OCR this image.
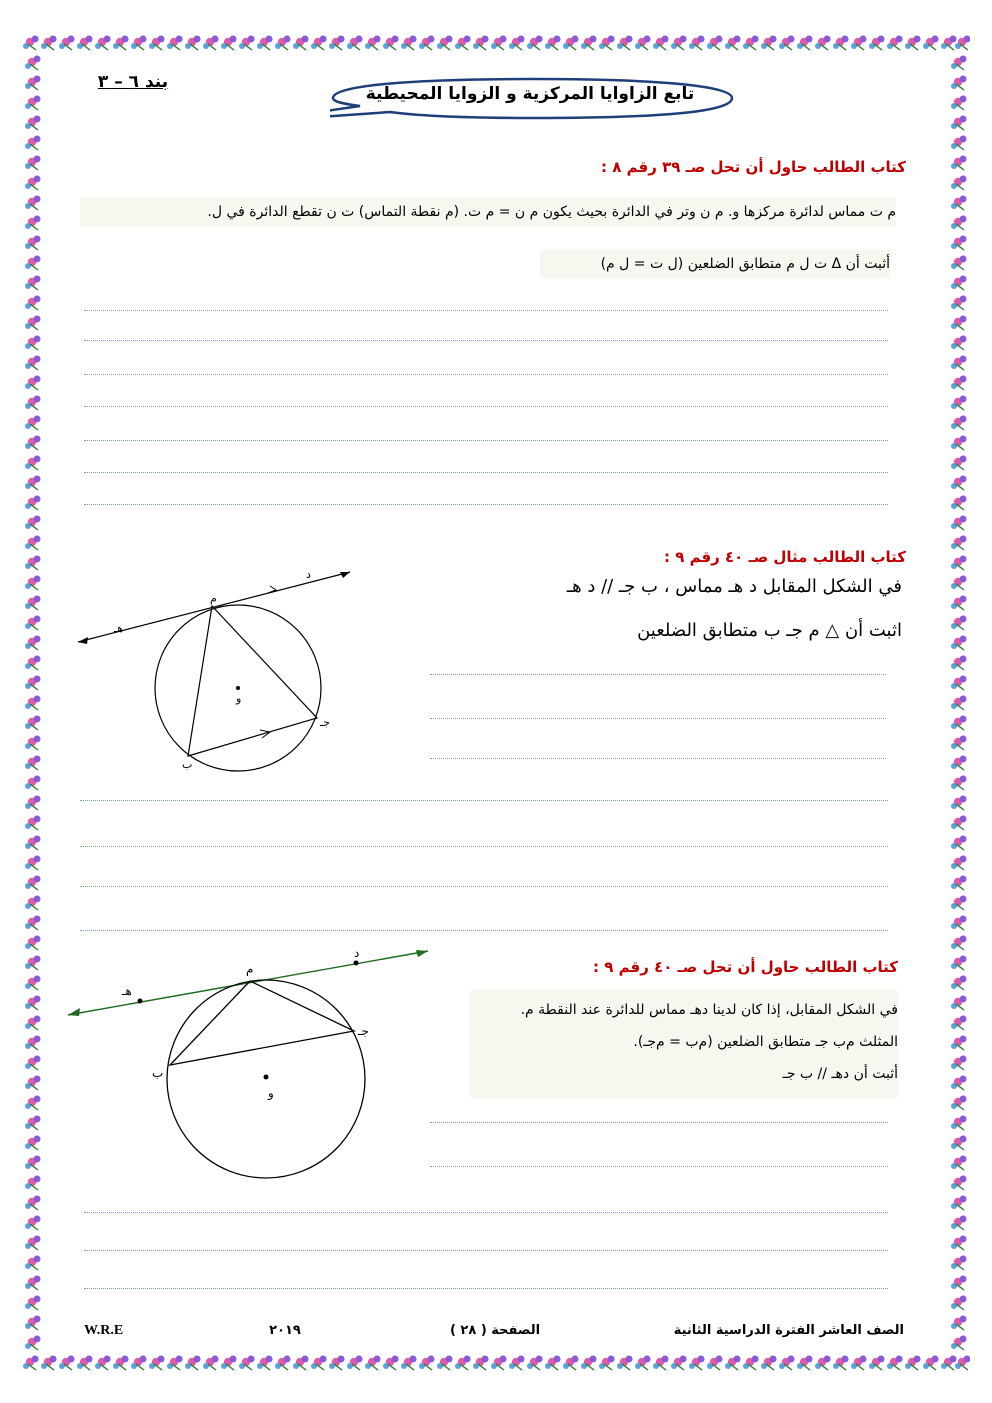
بند ٦ – ٣
تابع الزاوايا المركزية و الزوايا المحيطية
كتاب الطالب حاول أن تحل صـ ٣٩ رقم ٨ :
م ت مماس لدائرة مركزها و. م ن وتر في الدائرة بحيث يكون م ن = م ت. (م نقطة التماس) ت ن تقطع الدائرة في ل.
أثبت أن Δ ت ل م متطابق الضلعين (ل ت = ل م)
كتاب الطالب مثال صـ ٤٠ رقم ٩ :
في الشكل المقابل د هـ مماس ، ب جـ // د هـ
اثبت أن △ ﻡ جـ ب متطابق الضلعين
ﻡ
ب
جـ
د
هـ
و
كتاب الطالب حاول أن تحل صـ ٤٠ رقم ٩ :
في الشكل المقابل، إذا كان لدينا دهـ مماس للدائرة عند النقطة ﻡ.
المثلث ﻡب جـ متطابق الضلعين (ﻡب = ﻡجـ).
أثبت أن دهـ // ب جـ
ﻡ
ب
جـ
د
هـ
و
الصف العاشر الفترة الدراسية الثانية
الصفحة ( ٢٨ )
٢٠١٩
W.R.E
